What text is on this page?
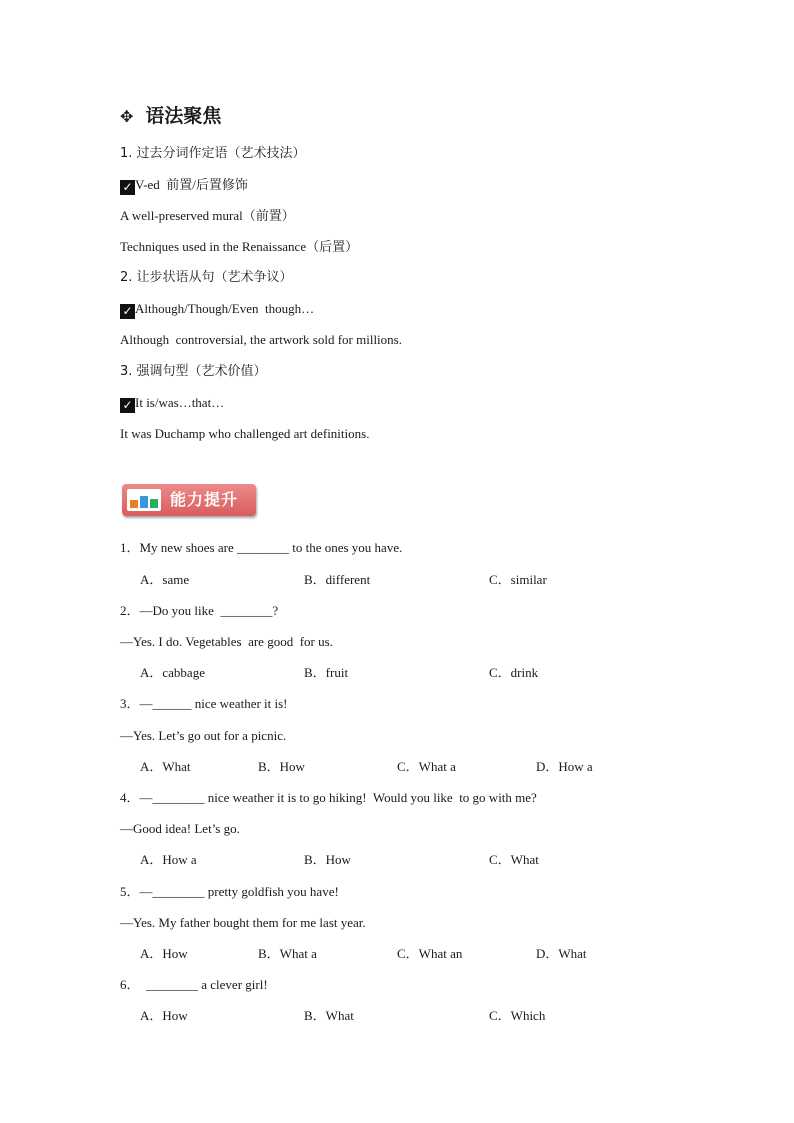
✥ 语法聚焦
1. 过去分词作定语（艺术技法）
✓ V-ed  前置/后置修饰
A well-preserved mural（前置）
Techniques used in the Renaissance（后置）
2. 让步状语从句（艺术争议）
✓ Although/Though/Even  though…
Although  controversial, the artwork sold for millions.
3. 强调句型（艺术价值）
✓ It is/was…that…
It was Duchamp who challenged art definitions.
能力提升
1．My new shoes are ________ to the ones you have.
A．same	B．different	C．similar
2．—Do you like  ________?
—Yes. I do. Vegetables  are good  for us.
A．cabbage	B．fruit	C．drink
3．—______ nice weather it is!
—Yes. Let’s go out for a picnic.
A．What	B．How	C．What a	D．How a
4．—________ nice weather it is to go hiking!  Would you like  to go with me?
—Good idea! Let’s go.
A．How a	B．How	C．What
5．—________ pretty goldfish you have!
—Yes. My father bought them for me last year.
A．How	B．What a	C．What an	D．What
6．  ________ a clever girl!
A．How	B．What	C．Which
